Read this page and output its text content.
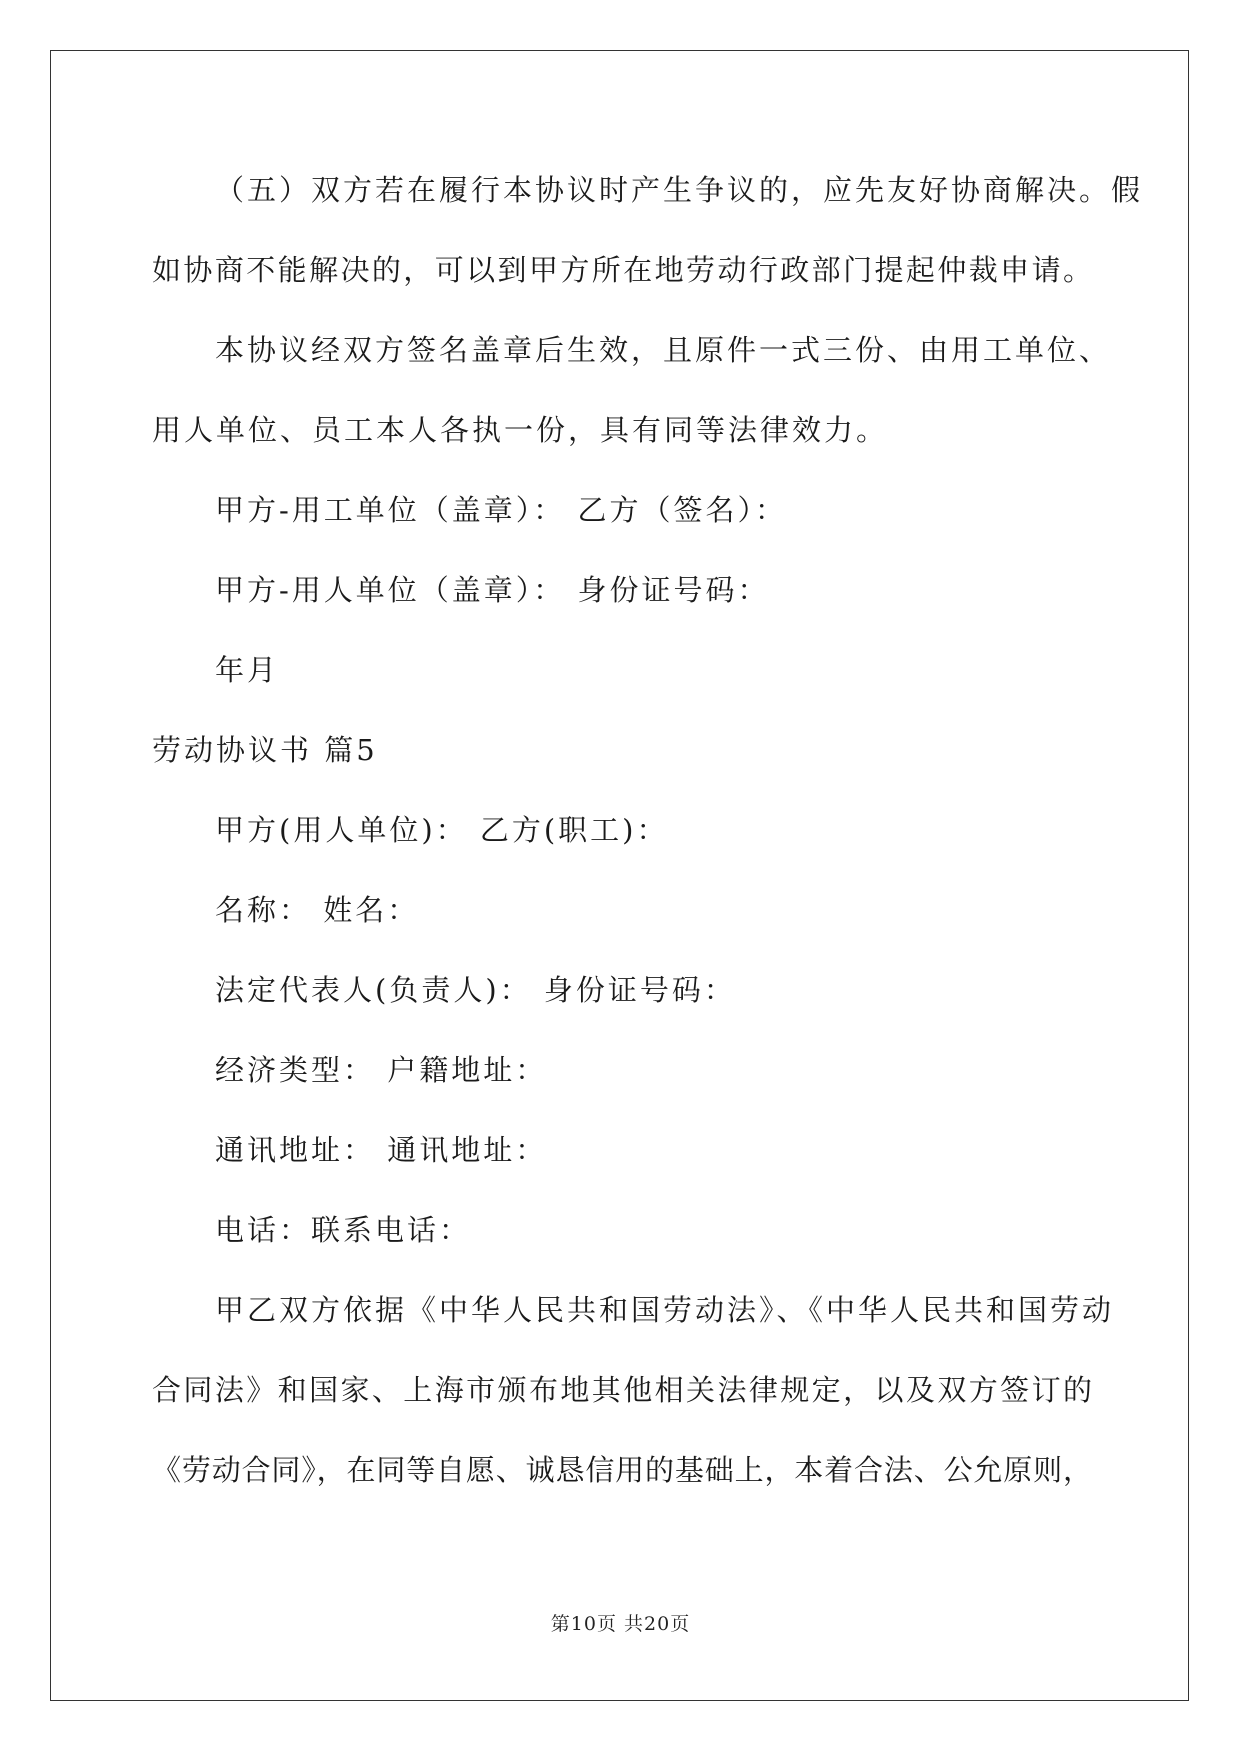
（五）双方若在履行本协议时产生争议的，应先友好协商解决。假
如协商不能解决的，可以到甲方所在地劳动行政部门提起仲裁申请。
本协议经双方签名盖章后生效，且原件一式三份、由用工单位、
用人单位、员工本人各执一份，具有同等法律效力。
甲方-用工单位（盖章）： 乙方（签名）：
甲方-用人单位（盖章）： 身份证号码：
年月
劳动协议书 篇5
甲方(用人单位)： 乙方(职工)：
名称： 姓名：
法定代表人(负责人)： 身份证号码：
经济类型： 户籍地址：
通讯地址： 通讯地址：
电话：联系电话：
甲乙双方依据《中华人民共和国劳动法》、《中华人民共和国劳动
合同法》和国家、上海市颁布地其他相关法律规定，以及双方签订的
《劳动合同》，在同等自愿、诚恳信用的基础上，本着合法、公允原则，
第10页 共20页
